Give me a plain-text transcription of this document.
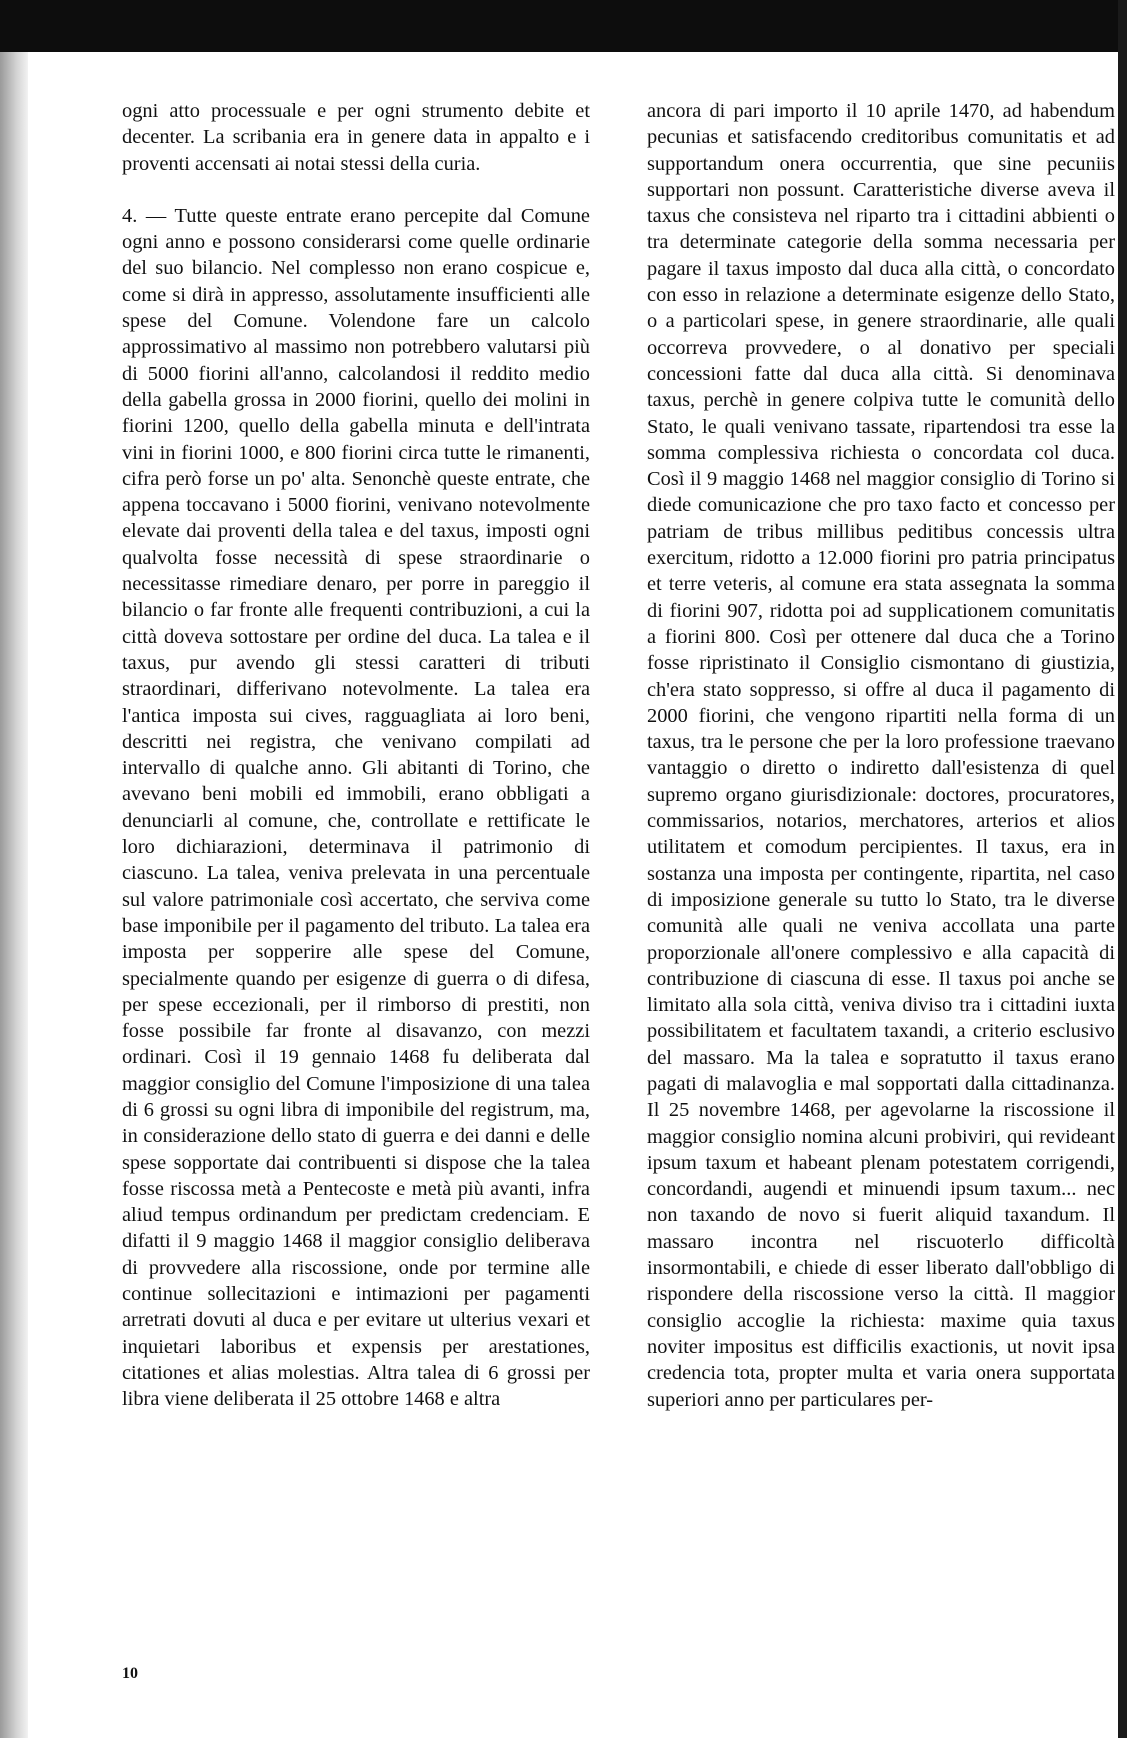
ogni atto processuale e per ogni strumento debite et decenter. La scribania era in genere data in appalto e i proventi accensati ai notai stessi della curia.

4. — Tutte queste entrate erano percepite dal Comune ogni anno e possono considerarsi come quelle ordinarie del suo bilancio. Nel complesso non erano cospicue e, come si dirà in appresso, assolutamente insufficienti alle spese del Comune. Volendone fare un calcolo approssimativo al massimo non potrebbero valutarsi più di 5000 fiorini all'anno, calcolandosi il reddito medio della gabella grossa in 2000 fiorini, quello dei molini in fiorini 1200, quello della gabella minuta e dell'intrata vini in fiorini 1000, e 800 fiorini circa tutte le rimanenti, cifra però forse un po' alta. Senonchè queste entrate, che appena toccavano i 5000 fiorini, venivano notevolmente elevate dai proventi della talea e del taxus, imposti ogni qualvolta fosse necessità di spese straordinarie o necessitasse rimediare denaro, per porre in pareggio il bilancio o far fronte alle frequenti contribuzioni, a cui la città doveva sottostare per ordine del duca. La talea e il taxus, pur avendo gli stessi caratteri di tributi straordinari, differivano notevolmente. La talea era l'antica imposta sui cives, ragguagliata ai loro beni, descritti nei registra, che venivano compilati ad intervallo di qualche anno. Gli abitanti di Torino, che avevano beni mobili ed immobili, erano obbligati a denunciarli al comune, che, controllate e rettificate le loro dichiarazioni, determinava il patrimonio di ciascuno. La talea, veniva prelevata in una percentuale sul valore patrimoniale così accertato, che serviva come base imponibile per il pagamento del tributo. La talea era imposta per sopperire alle spese del Comune, specialmente quando per esigenze di guerra o di difesa, per spese eccezionali, per il rimborso di prestiti, non fosse possibile far fronte al disavanzo, con mezzi ordinari. Così il 19 gennaio 1468 fu deliberata dal maggior consiglio del Comune l'imposizione di una talea di 6 grossi su ogni libra di imponibile del registrum, ma, in considerazione dello stato di guerra e dei danni e delle spese sopportate dai contribuenti si dispose che la talea fosse riscossa metà a Pentecoste e metà più avanti, infra aliud tempus ordinandum per predictam credenciam. E difatti il 9 maggio 1468 il maggior consiglio deliberava di provvedere alla riscossione, onde por termine alle continue sollecitazioni e intimazioni per pagamenti arretrati dovuti al duca e per evitare ut ulterius vexari et inquietari laboribus et expensis per arestationes, citationes et alias molestias. Altra talea di 6 grossi per libra viene deliberata il 25 ottobre 1468 e altra

ancora di pari importo il 10 aprile 1470, ad habendum pecunias et satisfacendo creditoribus comunitatis et ad supportandum onera occurrentia, que sine pecuniis supportari non possunt. Caratteristiche diverse aveva il taxus che consisteva nel riparto tra i cittadini abbienti o tra determinate categorie della somma necessaria per pagare il taxus imposto dal duca alla città, o concordato con esso in relazione a determinate esigenze dello Stato, o a particolari spese, in genere straordinarie, alle quali occorreva provvedere, o al donativo per speciali concessioni fatte dal duca alla città. Si denominava taxus, perchè in genere colpiva tutte le comunità dello Stato, le quali venivano tassate, ripartendosi tra esse la somma complessiva richiesta o concordata col duca. Così il 9 maggio 1468 nel maggior consiglio di Torino si diede comunicazione che pro taxo facto et concesso per patriam de tribus millibus peditibus concessis ultra exercitum, ridotto a 12.000 fiorini pro patria principatus et terre veteris, al comune era stata assegnata la somma di fiorini 907, ridotta poi ad supplicationem comunitatis a fiorini 800. Così per ottenere dal duca che a Torino fosse ripristinato il Consiglio cismontano di giustizia, ch'era stato soppresso, si offre al duca il pagamento di 2000 fiorini, che vengono ripartiti nella forma di un taxus, tra le persone che per la loro professione traevano vantaggio o diretto o indiretto dall'esistenza di quel supremo organo giurisdizionale: doctores, procuratores, commissarios, notarios, merchatores, arterios et alios utilitatem et comodum percipientes. Il taxus, era in sostanza una imposta per contingente, ripartita, nel caso di imposizione generale su tutto lo Stato, tra le diverse comunità alle quali ne veniva accollata una parte proporzionale all'onere complessivo e alla capacità di contribuzione di ciascuna di esse. Il taxus poi anche se limitato alla sola città, veniva diviso tra i cittadini iuxta possibilitatem et facultatem taxandi, a criterio esclusivo del massaro. Ma la talea e sopratutto il taxus erano pagati di malavoglia e mal sopportati dalla cittadinanza. Il 25 novembre 1468, per agevolarne la riscossione il maggior consiglio nomina alcuni probiviri, qui revideant ipsum taxum et habeant plenam potestatem corrigendi, concordandi, augendi et minuendi ipsum taxum... nec non taxando de novo si fuerit aliquid taxandum. Il massaro incontra nel riscuoterlo difficoltà insormontabili, e chiede di esser liberato dall'obbligo di rispondere della riscossione verso la città. Il maggior consiglio accoglie la richiesta: maxime quia taxus noviter impositus est difficilis exactionis, ut novit ipsa credencia tota, propter multa et varia onera supportata superiori anno per particulares per-

10
